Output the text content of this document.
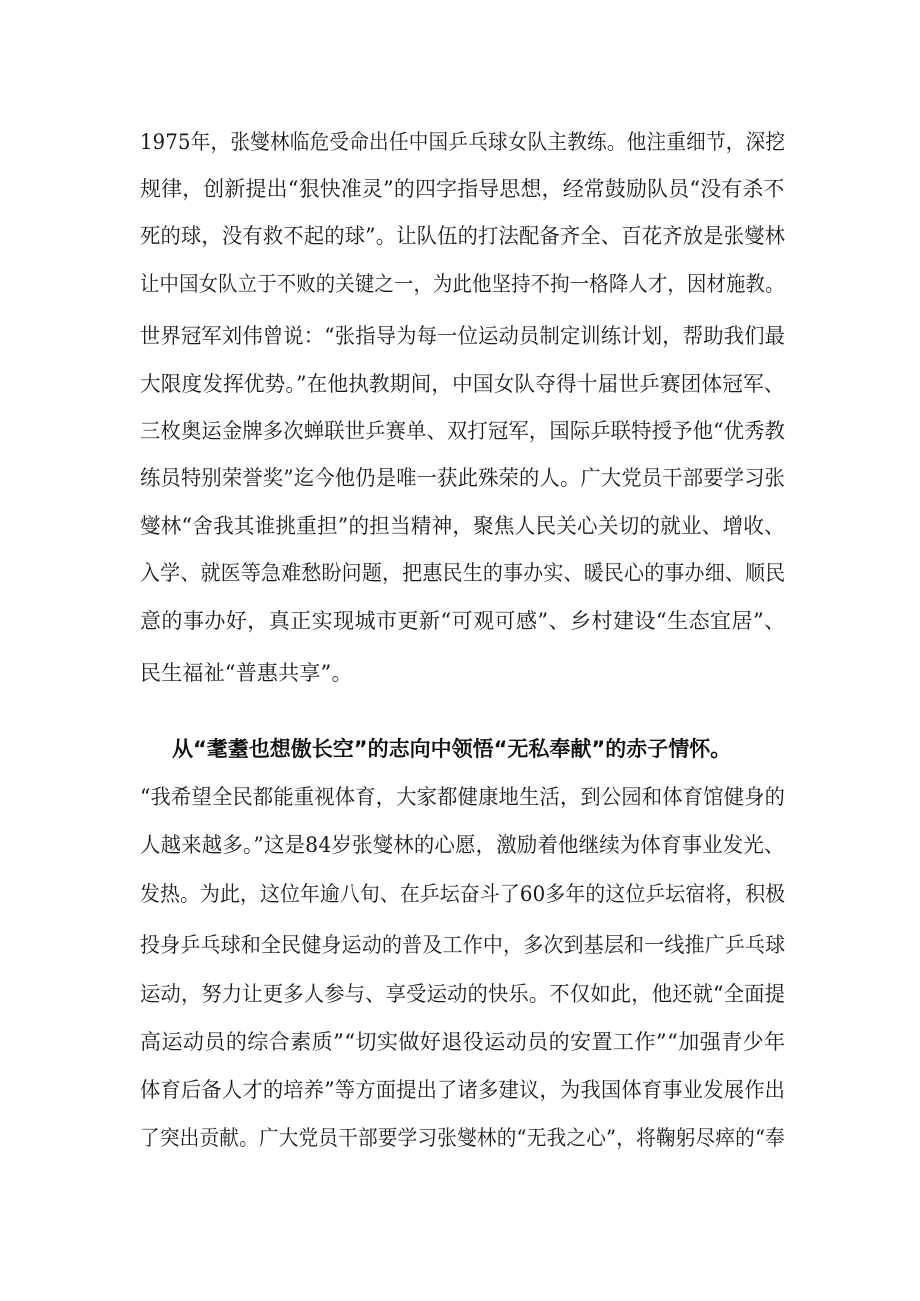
1975年，张燮林临危受命出任中国乒乓球女队主教练。他注重细节，深挖

规律，创新提出“狠快准灵”的四字指导思想，经常鼓励队员“没有杀不

死的球，没有救不起的球”。让队伍的打法配备齐全、百花齐放是张燮林

让中国女队立于不败的关键之一，为此他坚持不拘一格降人才，因材施教。

世界冠军刘伟曾说：“张指导为每一位运动员制定训练计划，帮助我们最

大限度发挥优势。”在他执教期间，中国女队夺得十届世乒赛团体冠军、

三枚奥运金牌多次蝉联世乒赛单、双打冠军，国际乒联特授予他“优秀教

练员特别荣誉奖”迄今他仍是唯一获此殊荣的人。广大党员干部要学习张

燮林“舍我其谁挑重担”的担当精神，聚焦人民关心关切的就业、增收、

入学、就医等急难愁盼问题，把惠民生的事办实、暖民心的事办细、顺民

意的事办好，真正实现城市更新“可观可感”、乡村建设“生态宜居”、

民生福祉“普惠共享”。

从“耄耋也想傲长空”的志向中领悟“无私奉献”的赤子情怀。

“我希望全民都能重视体育，大家都健康地生活，到公园和体育馆健身的

人越来越多。”这是84岁张燮林的心愿，激励着他继续为体育事业发光、

发热。为此，这位年逾八旬、在乒坛奋斗了60多年的这位乒坛宿将，积极

投身乒乓球和全民健身运动的普及工作中，多次到基层和一线推广乒乓球

运动，努力让更多人参与、享受运动的快乐。不仅如此，他还就“全面提

高运动员的综合素质”“切实做好退役运动员的安置工作”“加强青少年

体育后备人才的培养”等方面提出了诸多建议，为我国体育事业发展作出

了突出贡献。广大党员干部要学习张燮林的“无我之心”，将鞠躬尽瘁的“奉
